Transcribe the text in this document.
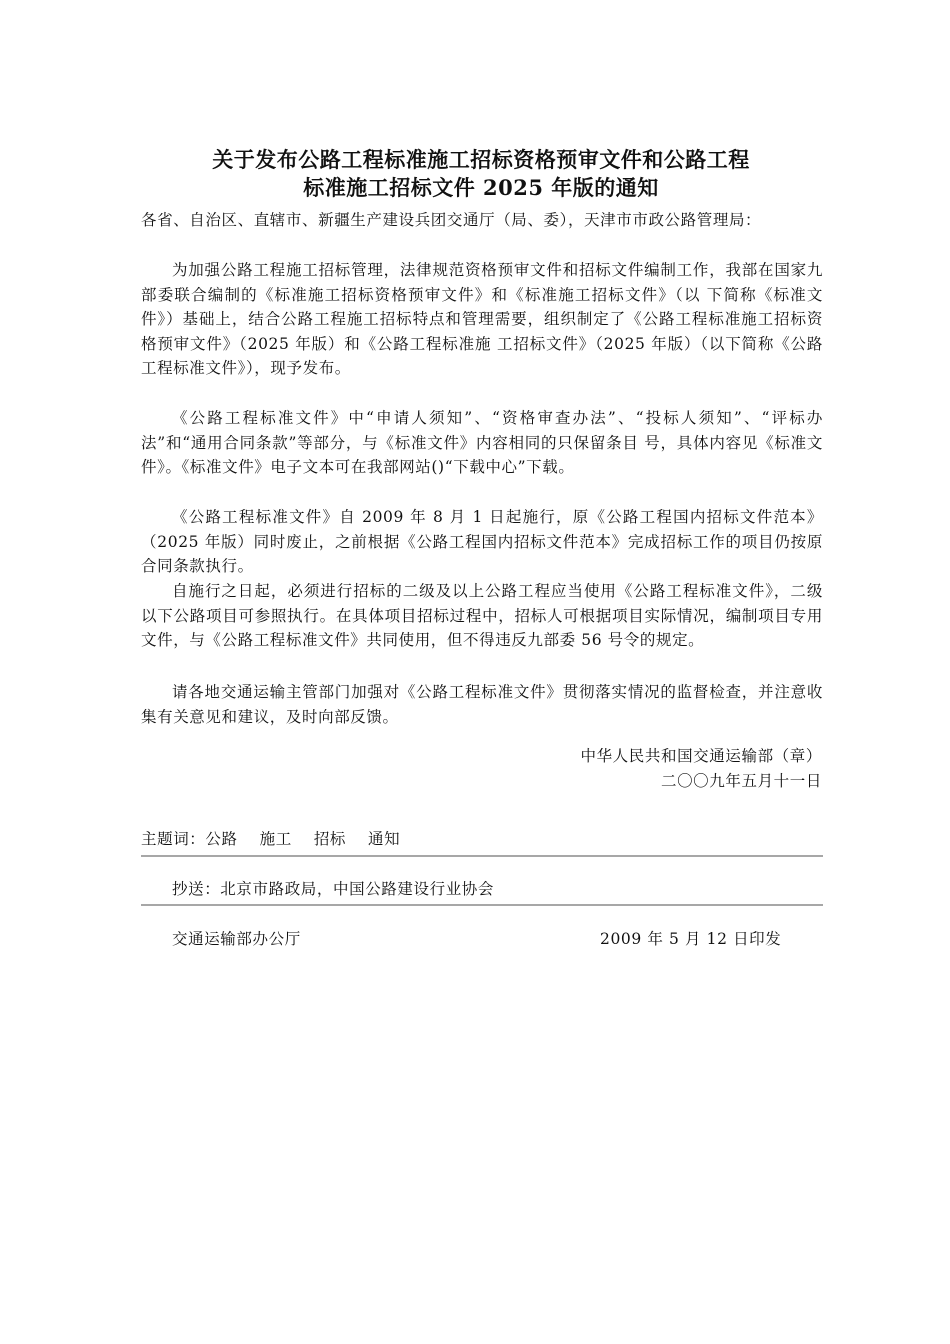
关于发布公路工程标准施工招标资格预审文件和公路工程
标准施工招标文件 2025 年版的通知
各省、自治区、直辖市、新疆生产建设兵团交通厅（局、委），天津市市政公路管理局：
为加强公路工程施工招标管理，法律规范资格预审文件和招标文件编制工作，我部在国家九部委联合编制的《标准施工招标资格预审文件》和《标准施工招标文件》（以 下简称《标准文件》）基础上，结合公路工程施工招标特点和管理需要，组织制定了《公路工程标准施工招标资格预审文件》（2025 年版）和《公路工程标准施 工招标文件》（2025 年版）（以下简称《公路工程标准文件》），现予发布。
《公路工程标准文件》中“申请人须知”、“资格审查办法”、“投标人须知”、“评标办法”和“通用合同条款”等部分，与《标准文件》内容相同的只保留条目 号，具体内容见《标准文件》。《标准文件》电子文本可在我部网站()“下载中心”下载。
《公路工程标准文件》自 2009 年 8 月 1 日起施行，原《公路工程国内招标文件范本》（2025 年版）同时废止，之前根据《公路工程国内招标文件范本》完成招标工作的项目仍按原合同条款执行。
自施行之日起，必须进行招标的二级及以上公路工程应当使用《公路工程标准文件》，二级以下公路项目可参照执行。在具体项目招标过程中，招标人可根据项目实际情况，编制项目专用文件，与《公路工程标准文件》共同使用，但不得违反九部委 56 号令的规定。
请各地交通运输主管部门加强对《公路工程标准文件》贯彻落实情况的监督检查，并注意收集有关意见和建议，及时向部反馈。
中华人民共和国交通运输部（章）
二〇〇九年五月十一日
主题词：公路 施工 招标 通知
抄送：北京市路政局，中国公路建设行业协会
交通运输部办公厅	2009 年 5 月 12 日印发
